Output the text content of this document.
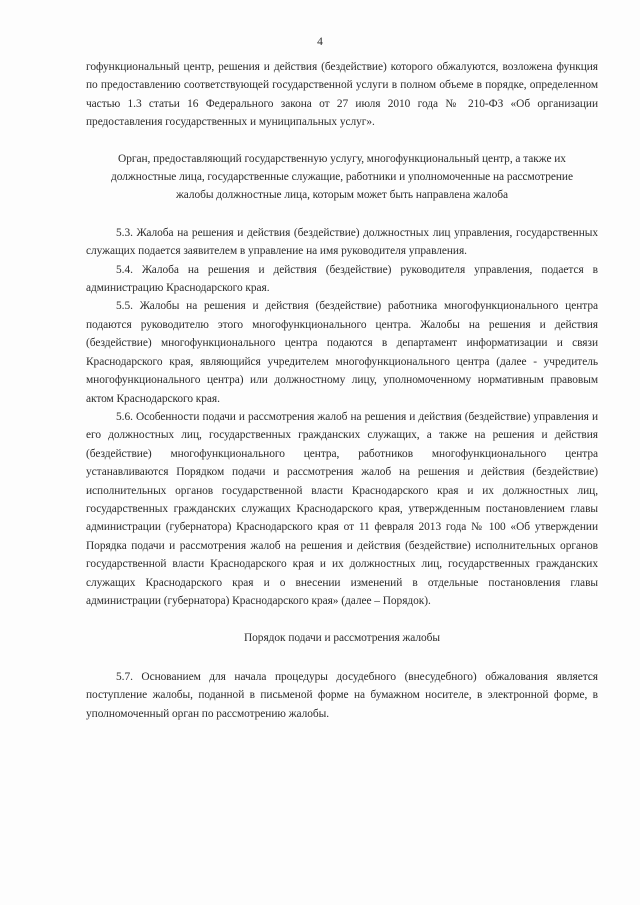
4

гофункциональный центр, решения и действия (бездействие) которого обжалуются, возложена функция по предоставлению соответствующей государственной услуги в полном объеме в порядке, определенном частью 1.3 статьи 16 Федерального закона от 27 июля 2010 года № 210-ФЗ «Об организации предоставления государственных и муниципальных услуг».

Орган, предоставляющий государственную услугу, многофункциональный центр, а также их должностные лица, государственные служащие, работники и уполномоченные на рассмотрение жалобы должностные лица, которым может быть направлена жалоба

5.3. Жалоба на решения и действия (бездействие) должностных лиц управления, государственных служащих подается заявителем в управление на имя руководителя управления.

5.4. Жалоба на решения и действия (бездействие) руководителя управления, подается в администрацию Краснодарского края.

5.5. Жалобы на решения и действия (бездействие) работника многофункционального центра подаются руководителю этого многофункционального центра. Жалобы на решения и действия (бездействие) многофункционального центра подаются в департамент информатизации и связи Краснодарского края, являющийся учредителем многофункционального центра (далее - учредитель многофункционального центра) или должностному лицу, уполномоченному нормативным правовым актом Краснодарского края.

5.6. Особенности подачи и рассмотрения жалоб на решения и действия (бездействие) управления и его должностных лиц, государственных гражданских служащих, а также на решения и действия (бездействие) многофункционального центра, работников многофункционального центра устанавливаются Порядком подачи и рассмотрения жалоб на решения и действия (бездействие) исполнительных органов государственной власти Краснодарского края и их должностных лиц, государственных гражданских служащих Краснодарского края, утвержденным постановлением главы администрации (губернатора) Краснодарского края от 11 февраля 2013 года № 100 «Об утверждении Порядка подачи и рассмотрения жалоб на решения и действия (бездействие) исполнительных органов государственной власти Краснодарского края и их должностных лиц, государственных гражданских служащих Краснодарского края и о внесении изменений в отдельные постановления главы администрации (губернатора) Краснодарского края» (далее – Порядок).

Порядок подачи и рассмотрения жалобы

5.7. Основанием для начала процедуры досудебного (внесудебного) обжалования является поступление жалобы, поданной в письменой форме на бумажном носителе, в электронной форме, в уполномоченный орган по рассмотрению жалобы.
